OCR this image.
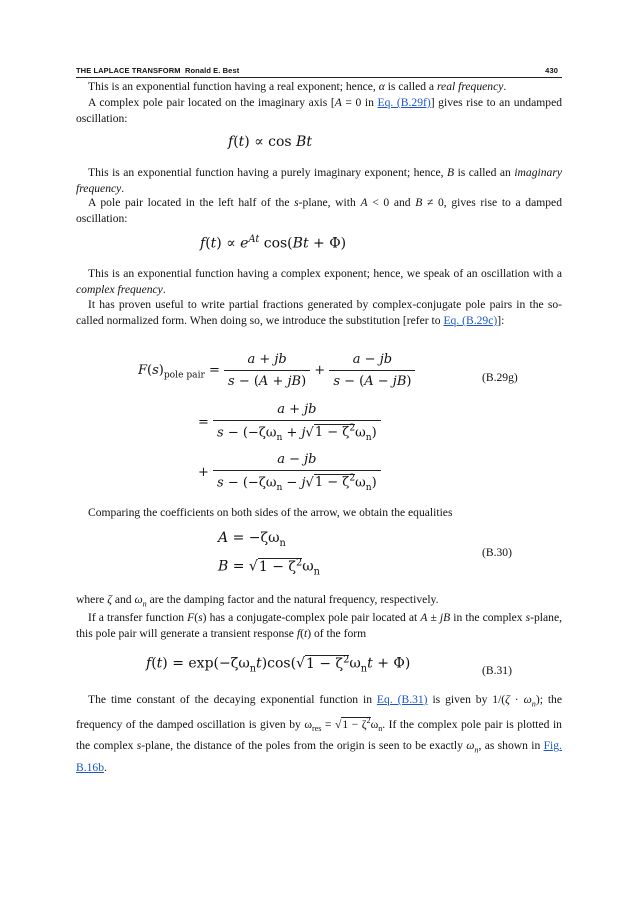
THE LAPLACE TRANSFORM Ronald E. Best	430

This is an exponential function having a real exponent; hence, α is called a real frequency.

A complex pole pair located on the imaginary axis [A = 0 in Eq. (B.29f)] gives rise to an undamped oscillation:

f(t) ∝ cos Bt

This is an exponential function having a purely imaginary exponent; hence, B is called an imaginary frequency.

A pole pair located in the left half of the s-plane, with A < 0 and B ≠ 0, gives rise to a damped oscillation:

$f(t) \propto e^{At}$ cos(Bt + Φ)

This is an exponential function having a complex exponent; hence, we speak of an oscillation with a complex frequency.

It has proven useful to write partial fractions generated by complex-conjugate pole pairs in the so-called normalized form. When doing so, we introduce the substitution [refer to Eq. (B.29c)]:

$F(s)_{pole pair} = \frac{a + jb}{s - (A + jB)} + \frac{a - jb}{s - (A - jB)}$	(B.29g)
= $\frac{a + jb}{s - (-\zeta\omega_n + j√1 - \zeta^2\omega_n)}$
+ $\frac{a - jb}{s - (-\zeta\omega_n - j√1 - \zeta^2\omega_n)}$

Comparing the coefficients on both sides of the arrow, we obtain the equalities

$A = -\zeta\omega_n$
$B = √1 - \zeta^2\omega_n$
(B.30)

where ζ and $\omega_n$ are the damping factor and the natural frequency, respectively.

If a transfer function F(s) has a conjugate-complex pole pair located at A ± jB in the complex s-plane, this pole pair will generate a transient response f(t) of the form

$f(t) = \exp(-\zeta\omega_nt)\cos(√1 - \zeta^2\omega_nt + \Phi)$	(B.31)

The time constant of the decaying exponential function in Eq. (B.31) is given by $1/(\zeta \cdot \omega_n)$; the frequency of the damped oscillation is given by $\omega_{res} = √1 - \zeta^2\omega_n$. If the complex pole pair is plotted in the complex s-plane, the distance of the poles from the origin is seen to be exactly $\omega_n$, as shown in Fig. B.16b.
